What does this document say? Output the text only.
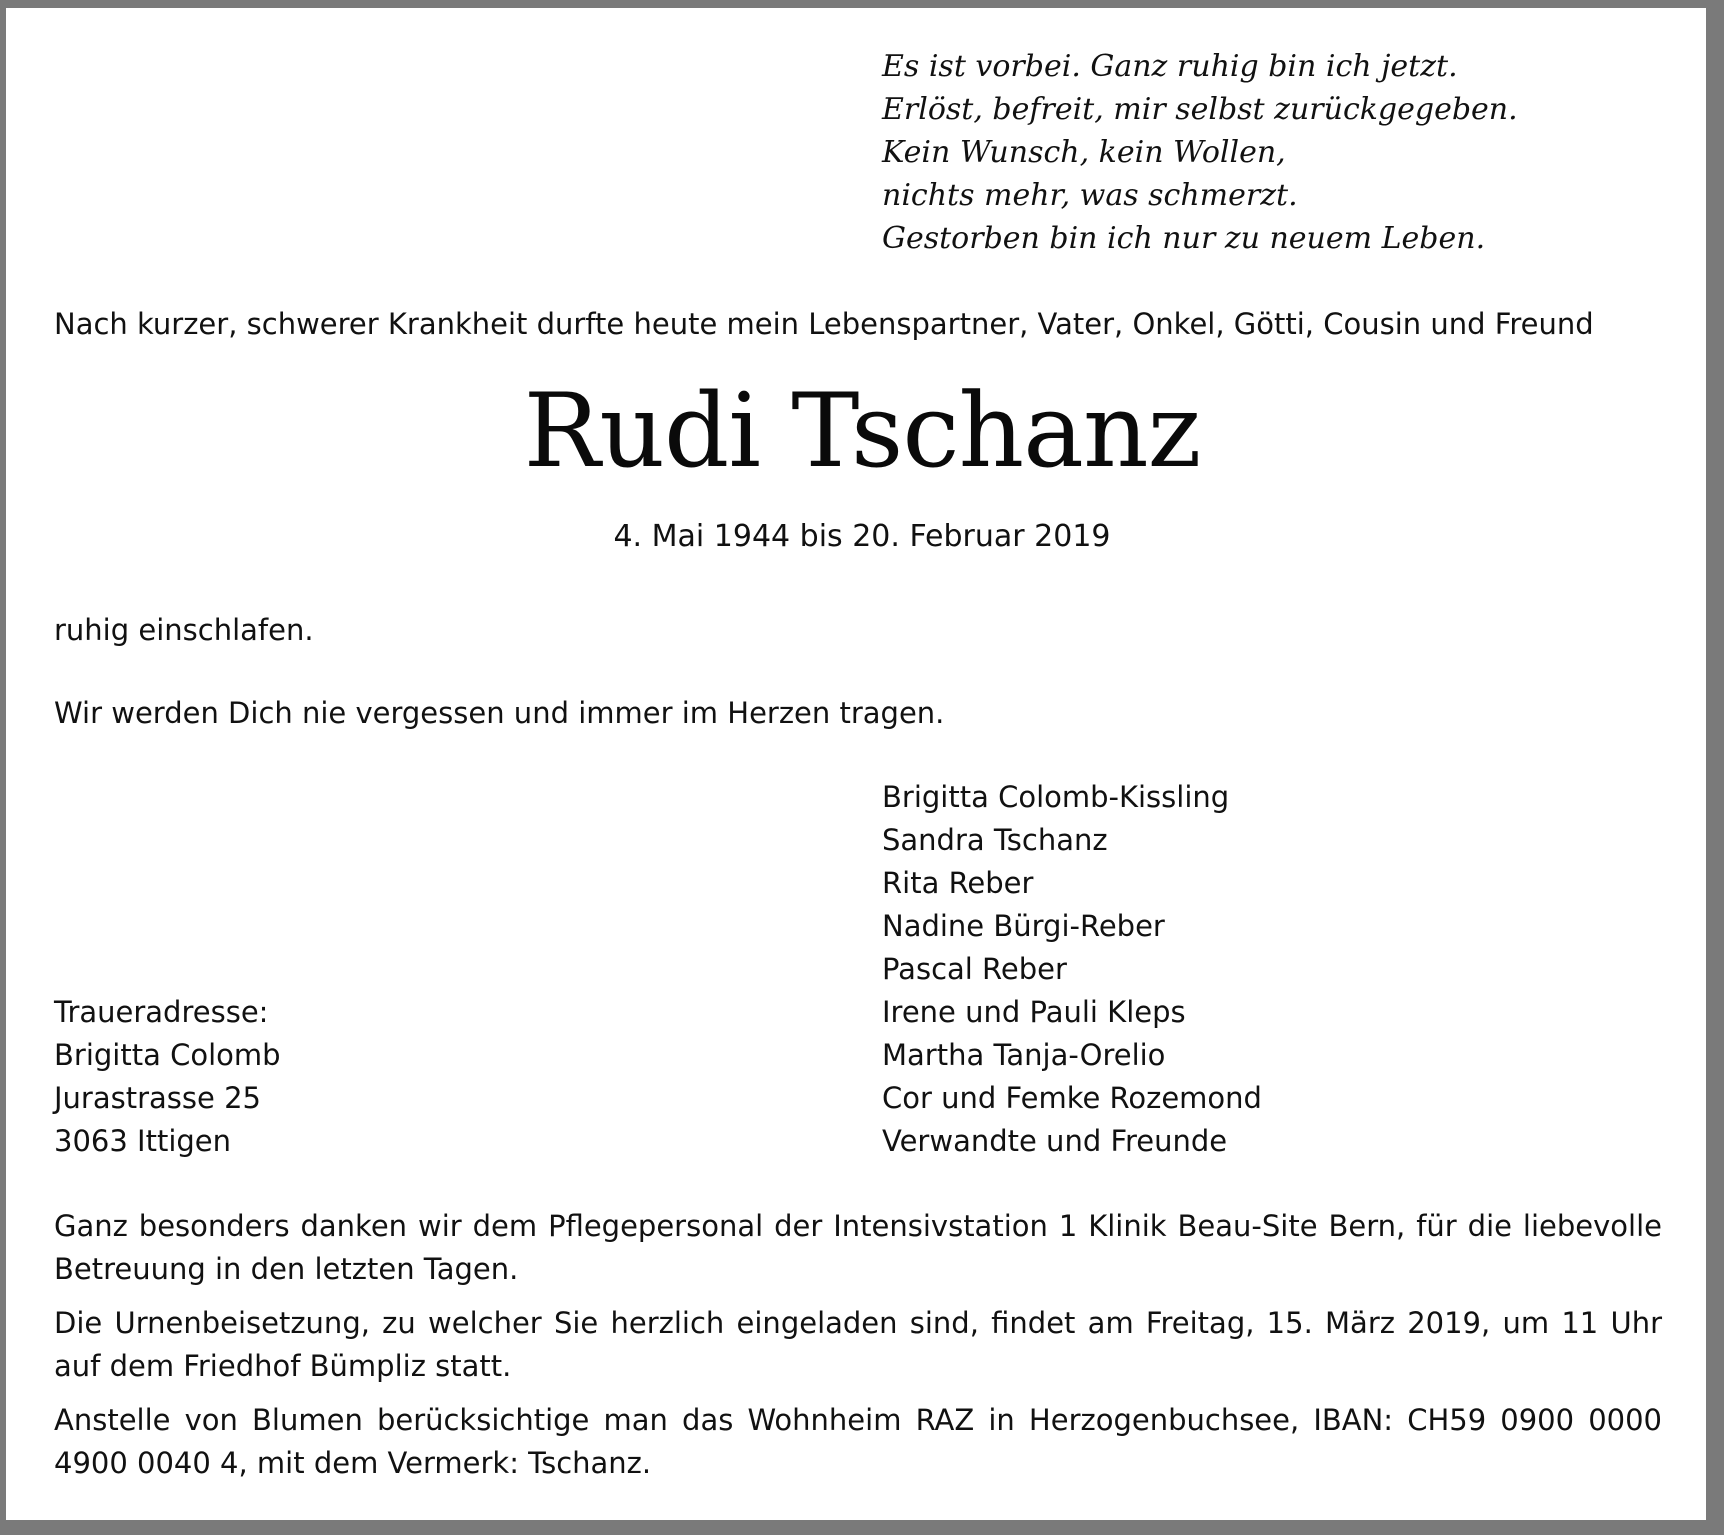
Es ist vorbei. Ganz ruhig bin ich jetzt.
Erlöst, befreit, mir selbst zurückgegeben.
Kein Wunsch, kein Wollen,
nichts mehr, was schmerzt.
Gestorben bin ich nur zu neuem Leben.
Nach kurzer, schwerer Krankheit durfte heute mein Lebenspartner, Vater, Onkel, Götti, Cousin und Freund
Rudi Tschanz
4. Mai 1944 bis 20. Februar 2019
ruhig einschlafen.
Wir werden Dich nie vergessen und immer im Herzen tragen.
Brigitta Colomb-Kissling
Sandra Tschanz
Rita Reber
Nadine Bürgi-Reber
Pascal Reber
Irene und Pauli Kleps
Martha Tanja-Orelio
Cor und Femke Rozemond
Verwandte und Freunde
Traueradresse:
Brigitta Colomb
Jurastrasse 25
3063 Ittigen
Ganz besonders danken wir dem Pflegepersonal der Intensivstation 1 Klinik Beau-Site Bern, für die liebevolle Betreuung in den letzten Tagen.
Die Urnenbeisetzung, zu welcher Sie herzlich eingeladen sind, findet am Freitag, 15. März 2019, um 11 Uhr auf dem Friedhof Bümpliz statt.
Anstelle von Blumen berücksichtige man das Wohnheim RAZ in Herzogenbuchsee, IBAN: CH59 0900 0000 4900 0040 4, mit dem Vermerk: Tschanz.
